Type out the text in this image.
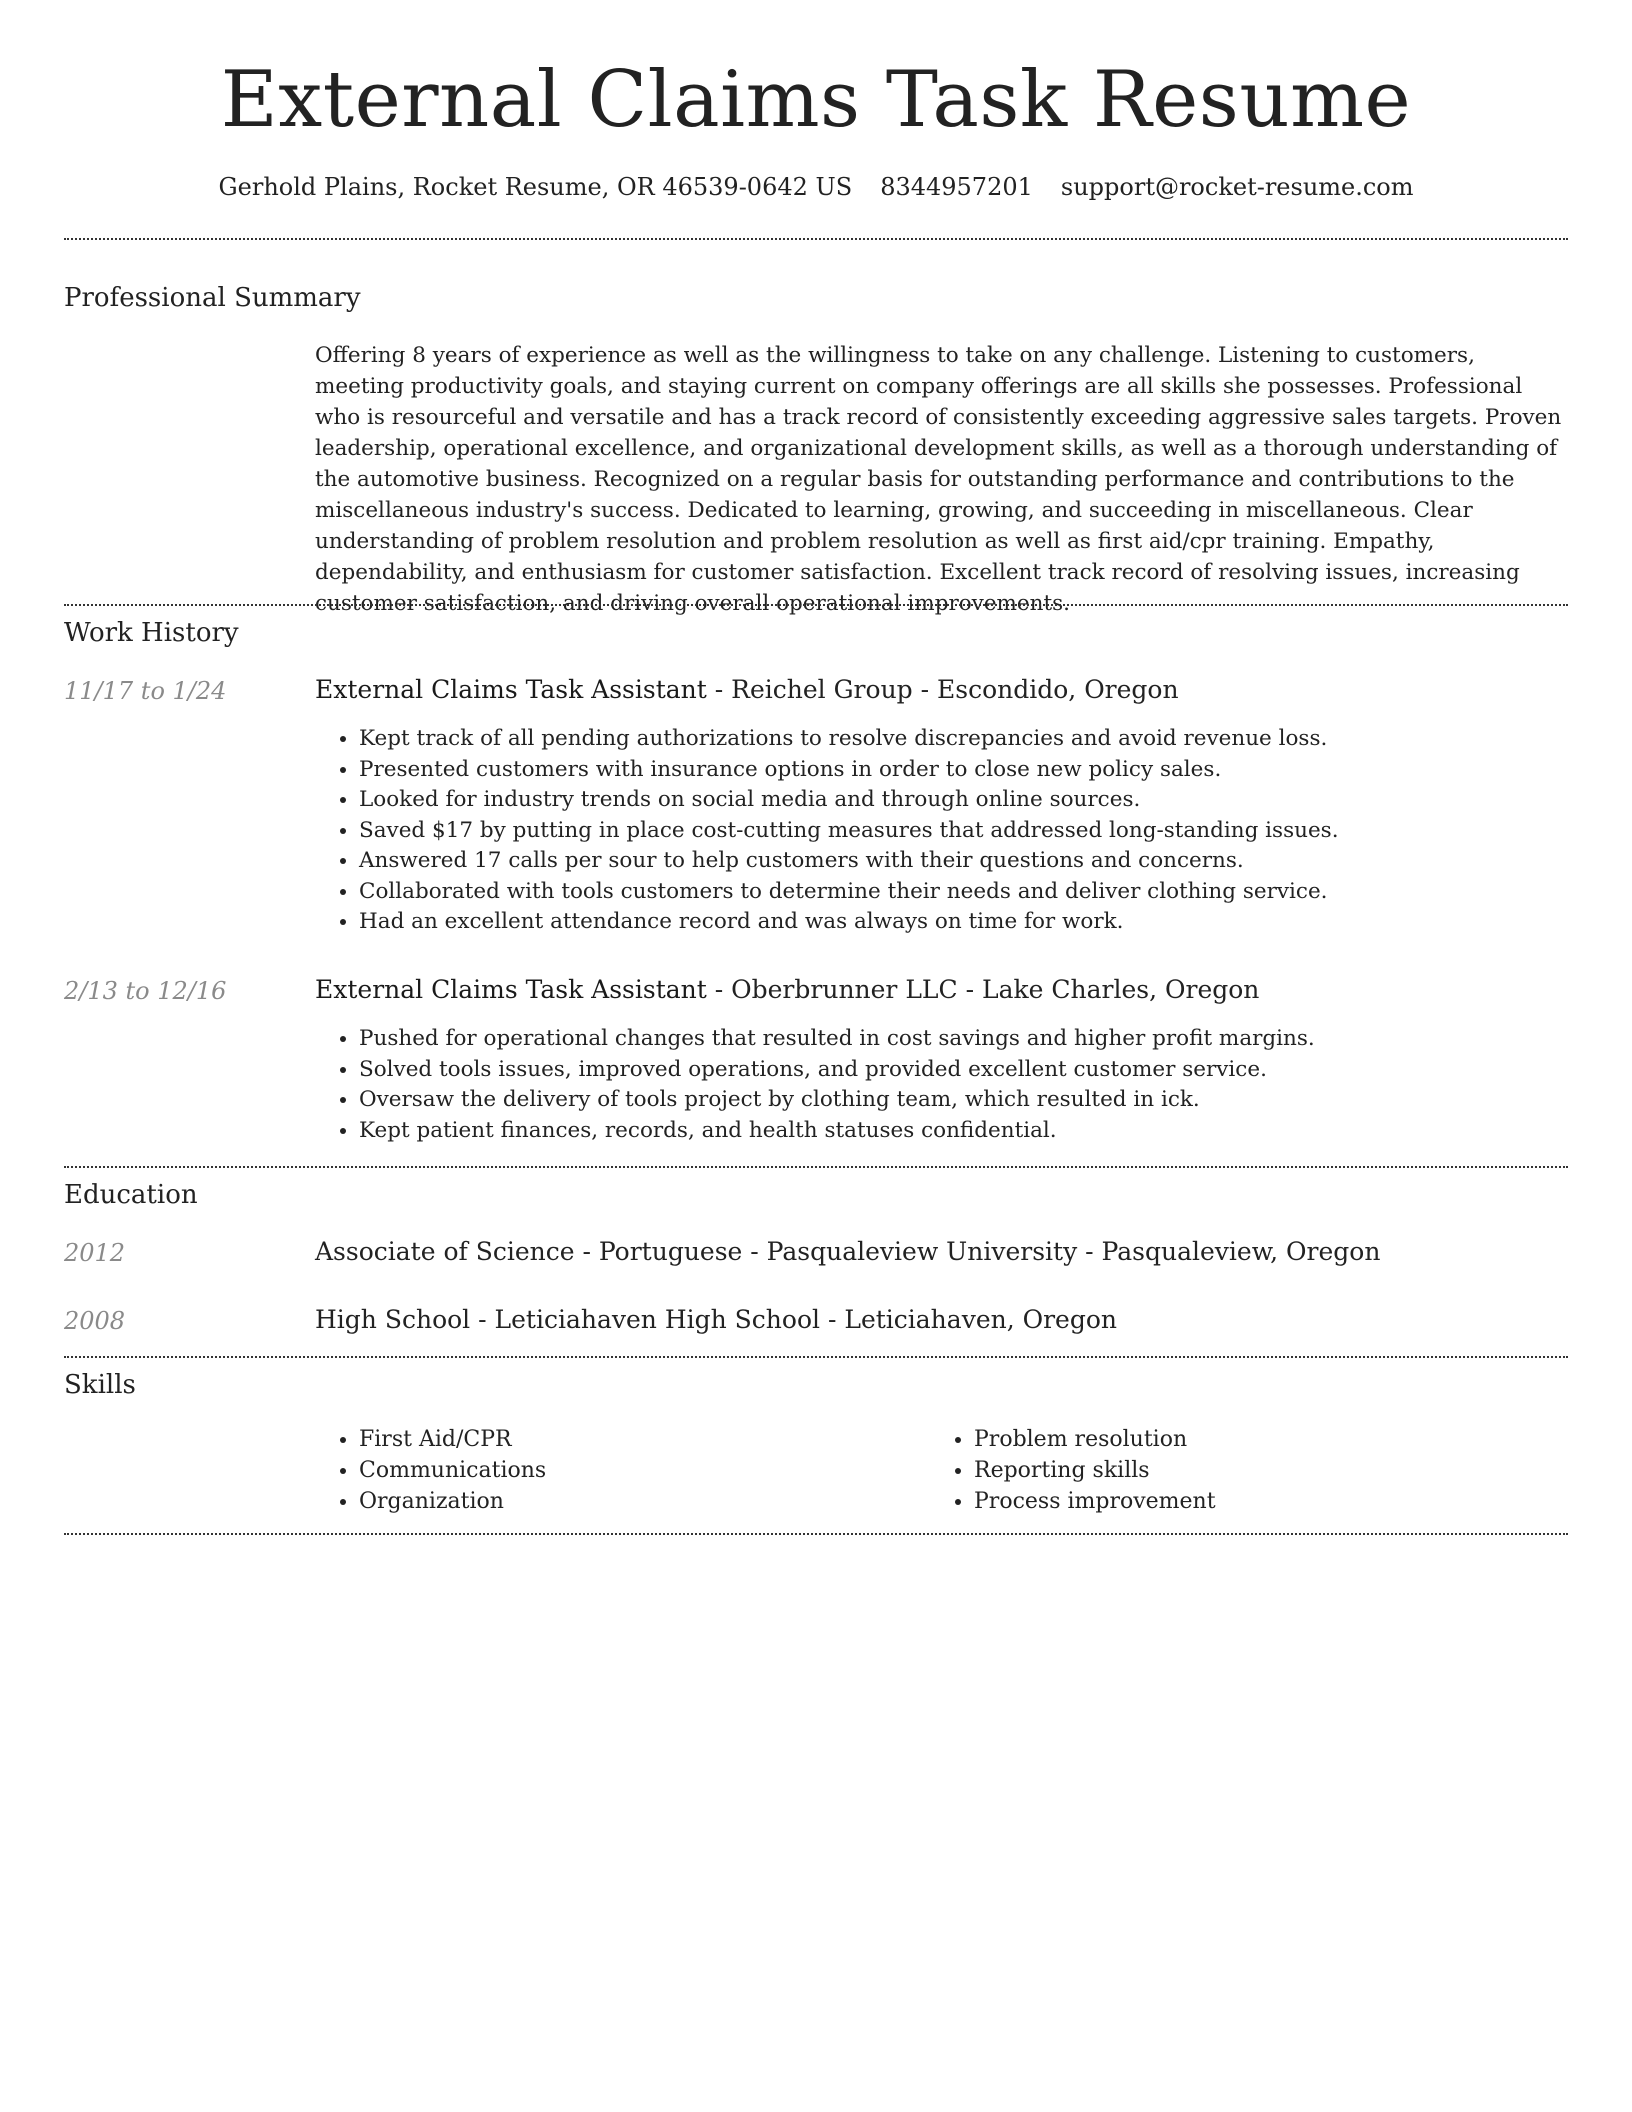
External Claims Task Resume
Gerhold Plains, Rocket Resume, OR 46539-0642 US 8344957201 support@rocket-resume.com
Professional Summary
Offering 8 years of experience as well as the willingness to take on any challenge. Listening to customers, meeting productivity goals, and staying current on company offerings are all skills she possesses. Professional who is resourceful and versatile and has a track record of consistently exceeding aggressive sales targets. Proven leadership, operational excellence, and organizational development skills, as well as a thorough understanding of the automotive business. Recognized on a regular basis for outstanding performance and contributions to the miscellaneous industry's success. Dedicated to learning, growing, and succeeding in miscellaneous. Clear understanding of problem resolution and problem resolution as well as first aid/cpr training. Empathy, dependability, and enthusiasm for customer satisfaction. Excellent track record of resolving issues, increasing customer satisfaction, and driving overall operational improvements.
Work History
11/17 to 1/24	External Claims Task Assistant - Reichel Group - Escondido, Oregon
• Kept track of all pending authorizations to resolve discrepancies and avoid revenue loss.
• Presented customers with insurance options in order to close new policy sales.
• Looked for industry trends on social media and through online sources.
• Saved $17 by putting in place cost-cutting measures that addressed long-standing issues.
• Answered 17 calls per sour to help customers with their questions and concerns.
• Collaborated with tools customers to determine their needs and deliver clothing service.
• Had an excellent attendance record and was always on time for work.
2/13 to 12/16	External Claims Task Assistant - Oberbrunner LLC - Lake Charles, Oregon
• Pushed for operational changes that resulted in cost savings and higher profit margins.
• Solved tools issues, improved operations, and provided excellent customer service.
• Oversaw the delivery of tools project by clothing team, which resulted in ick.
• Kept patient finances, records, and health statuses confidential.
Education
2012	Associate of Science - Portuguese - Pasqualeview University - Pasqualeview, Oregon
2008	High School - Leticiahaven High School - Leticiahaven, Oregon
Skills
• First Aid/CPR
• Communications
• Organization
• Problem resolution
• Reporting skills
• Process improvement
